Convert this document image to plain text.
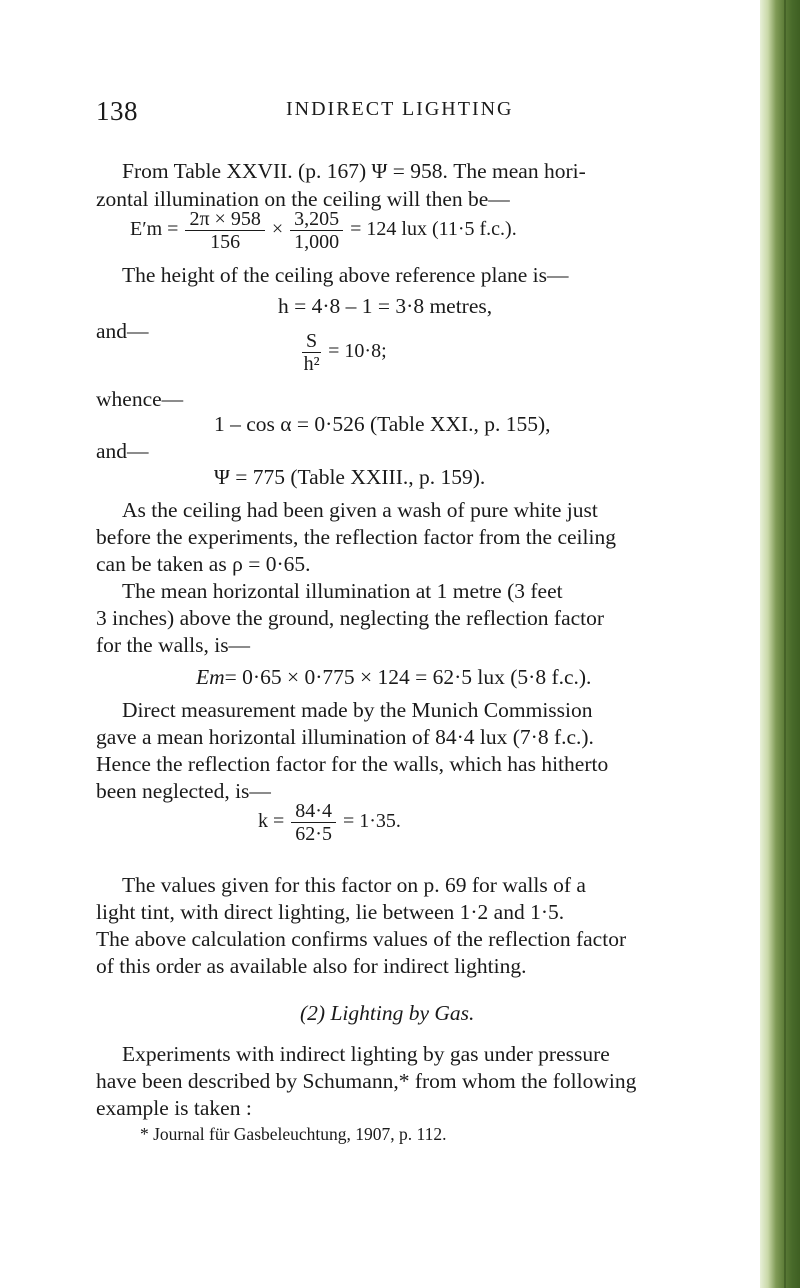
138	INDIRECT LIGHTING
From Table XXVII. (p. 167) Ψ = 958. The mean hori-
zontal illumination on the ceiling will then be—
$E'm = \frac{2\pi \times 958}{156} \times \frac{3,205}{1,000} = 124$ lux (11·5 f.c.).
The height of the ceiling above reference plane is—
h = 4·8 – 1 = 3·8 metres,
and—	$\frac{S}{\text{h²}} = 10\cdot 8$;
whence—
1 – cos α = 0·526 (Table XXI., p. 155),
and—
Ψ = 775 (Table XXIII., p. 159).
As the ceiling had been given a wash of pure white just
before the experiments, the reflection factor from the ceiling
can be taken as ρ = 0·65.
The mean horizontal illumination at 1 metre (3 feet
3 inches) above the ground, neglecting the reflection factor
for the walls, is—
Em= 0·65 × 0·775 × 124 = 62·5 lux (5·8 f.c.).
Direct measurement made by the Munich Commission
gave a mean horizontal illumination of 84·4 lux (7·8 f.c.).
Hence the reflection factor for the walls, which has hitherto
been neglected, is—
$k = \frac{84\cdot 4}{62\cdot 5} = 1\cdot 35$.
The values given for this factor on p. 69 for walls of a
light tint, with direct lighting, lie between 1·2 and 1·5.
The above calculation confirms values of the reflection factor
of this order as available also for indirect lighting.
(2) Lighting by Gas.
Experiments with indirect lighting by gas under pressure
have been described by Schumann,* from whom the following
example is taken :
* Journal für Gasbeleuchtung, 1907, p. 112.
